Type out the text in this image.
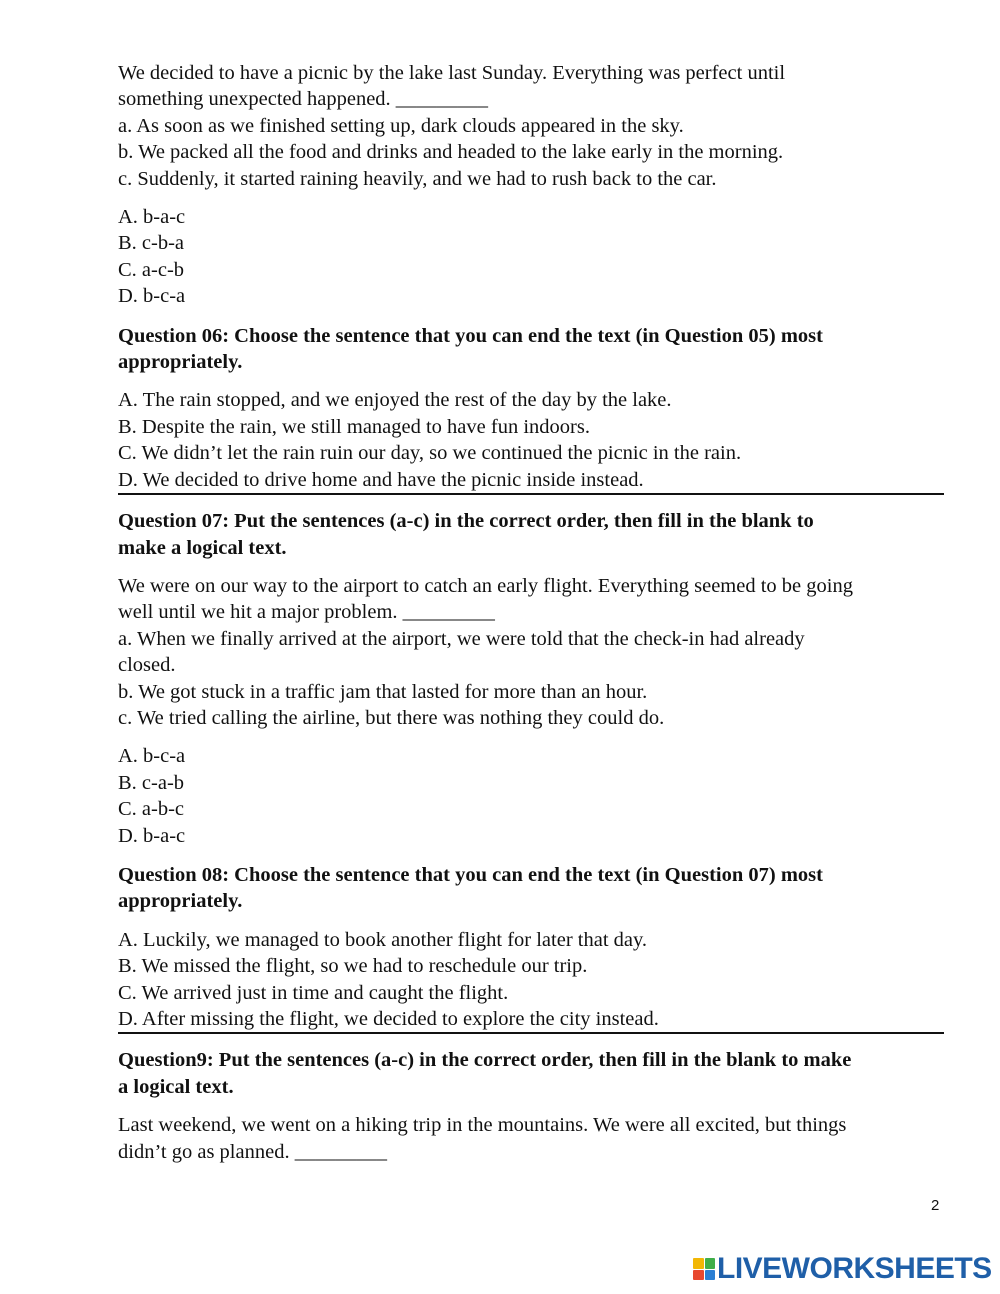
We decided to have a picnic by the lake last Sunday. Everything was perfect until
something unexpected happened. _________
a. As soon as we finished setting up, dark clouds appeared in the sky.
b. We packed all the food and drinks and headed to the lake early in the morning.
c. Suddenly, it started raining heavily, and we had to rush back to the car.
A. b-a-c
B. c-b-a
C. a-c-b
D. b-c-a
Question 06: Choose the sentence that you can end the text (in Question 05) most
appropriately.
A. The rain stopped, and we enjoyed the rest of the day by the lake.
B. Despite the rain, we still managed to have fun indoors.
C. We didn’t let the rain ruin our day, so we continued the picnic in the rain.
D. We decided to drive home and have the picnic inside instead.
Question 07: Put the sentences (a-c) in the correct order, then fill in the blank to
make a logical text.
We were on our way to the airport to catch an early flight. Everything seemed to be going
well until we hit a major problem. _________
a. When we finally arrived at the airport, we were told that the check-in had already
closed.
b. We got stuck in a traffic jam that lasted for more than an hour.
c. We tried calling the airline, but there was nothing they could do.
A. b-c-a
B. c-a-b
C. a-b-c
D. b-a-c
Question 08: Choose the sentence that you can end the text (in Question 07) most
appropriately.
A. Luckily, we managed to book another flight for later that day.
B. We missed the flight, so we had to reschedule our trip.
C. We arrived just in time and caught the flight.
D. After missing the flight, we decided to explore the city instead.
Question9: Put the sentences (a-c) in the correct order, then fill in the blank to make
a logical text.
Last weekend, we went on a hiking trip in the mountains. We were all excited, but things
didn’t go as planned. _________
2
LIVEWORKSHEETS
